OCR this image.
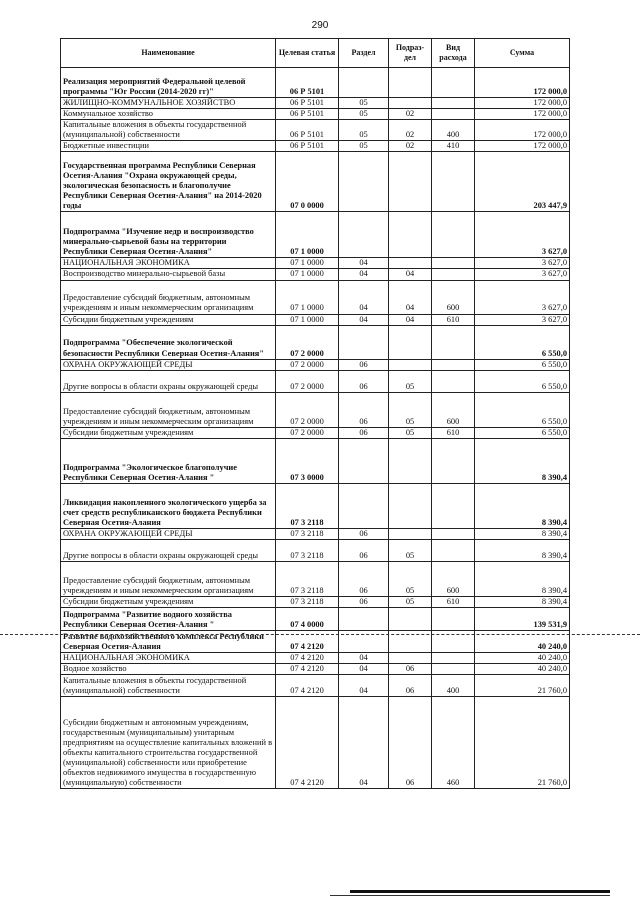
290
Наименование	Целевая статья	Раздел	Подраз-дел	Вид расхода	Сумма
Реализация мероприятий Федеральной целевой программы "Юг России (2014-2020 гг)"	06 Р 5101				172 000,0
ЖИЛИЩНО-КОММУНАЛЬНОЕ ХОЗЯЙСТВО	06 Р 5101	05			172 000,0
Коммунальное хозяйство	06 Р 5101	05	02		172 000,0
Капитальные вложения в объекты государственной (муниципальной) собственности	06 Р 5101	05	02	400	172 000,0
Бюджетные инвестиции	06 Р 5101	05	02	410	172 000,0
Государственная программа Республики Северная Осетия-Алания "Охрана окружающей среды, экологическая безопасность и благополучие Республики Северная Осетия-Алания" на 2014-2020 годы	07 0 0000				203 447,9
Подпрограмма "Изучение недр и воспроизводство минерально-сырьевой базы на территории Республики Северная Осетия-Алания"	07 1 0000				3 627,0
НАЦИОНАЛЬНАЯ ЭКОНОМИКА	07 1 0000	04			3 627,0
Воспроизводство минерально-сырьевой базы	07 1 0000	04	04		3 627,0
Предоставление субсидий бюджетным, автономным учреждениям и иным некоммерческим организациям	07 1 0000	04	04	600	3 627,0
Субсидии бюджетным учреждениям	07 1 0000	04	04	610	3 627,0
Подпрограмма "Обеспечение экологической безопасности Республики Северная Осетия-Алания"	07 2 0000				6 550,0
ОХРАНА ОКРУЖАЮЩЕЙ СРЕДЫ	07 2 0000	06			6 550,0
Другие вопросы в области охраны окружающей среды	07 2 0000	06	05		6 550,0
Предоставление субсидий бюджетным, автономным учреждениям и иным некоммерческим организациям	07 2 0000	06	05	600	6 550,0
Субсидии бюджетным учреждениям	07 2 0000	06	05	610	6 550,0
Подпрограмма "Экологическое благополучие Республики Северная Осетия-Алания "	07 3 0000				8 390,4
Ликвидация накопленного экологического ущерба за счет средств республиканского бюджета Республики Северная Осетия-Алания	07 3 2118				8 390,4
ОХРАНА ОКРУЖАЮЩЕЙ СРЕДЫ	07 3 2118	06			8 390,4
Другие вопросы в области охраны окружающей среды	07 3 2118	06	05		8 390,4
Предоставление субсидий бюджетным, автономным учреждениям и иным некоммерческим организациям	07 3 2118	06	05	600	8 390,4
Субсидии бюджетным учреждениям	07 3 2118	06	05	610	8 390,4
Подпрограмма "Развитие водного хозяйства Республики Северная Осетия-Алания "	07 4 0000				139 531,9
Развитие водохозяйственного комплекса Республики Северная Осетия-Алания	07 4 2120				40 240,0
НАЦИОНАЛЬНАЯ ЭКОНОМИКА	07 4 2120	04			40 240,0
Водное хозяйство	07 4 2120	04	06		40 240,0
Капитальные вложения в объекты государственной (муниципальной) собственности	07 4 2120	04	06	400	21 760,0
Субсидии бюджетным и автономным учреждениям, государственным (муниципальным) унитарным предприятиям на осуществление капитальных вложений в объекты капитального строительства государственной (муниципальной) собственности или приобретение объектов недвижимого имущества в государственную (муниципальную) собственности	07 4 2120	04	06	460	21 760,0
